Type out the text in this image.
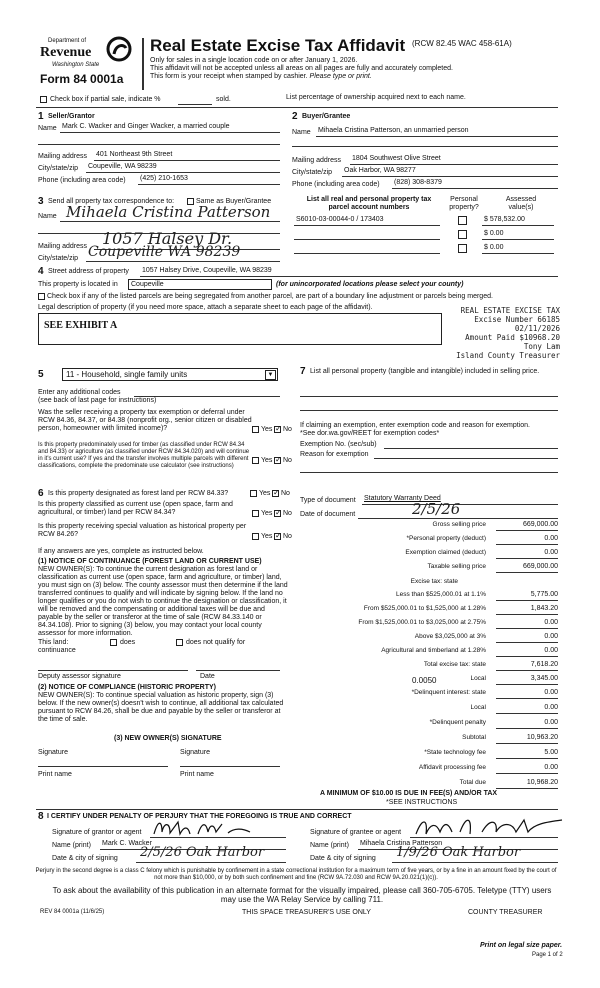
Department of
Revenue
Washington State
Form 84 0001a
Real Estate Excise Tax Affidavit (RCW 82.45 WAC 458-61A)
Only for sales in a single location code on or after January 1, 2026.
This affidavit will not be accepted unless all areas on all pages are fully and accurately completed.
This form is your receipt when stamped by cashier. Please type or print.
Check box if partial sale, indicate %	sold.	List percentage of ownership acquired next to each name.
1 Seller/Grantor
Name Mark C. Wacker and Ginger Wacker, a married couple
Mailing address 401 Northeast 9th Street
City/state/zip Coupeville, WA 98239
Phone (including area code) (425) 210-1653
2 Buyer/Grantee
Name Mihaela Cristina Patterson, an unmarried person
Mailing address 1804 Southwest Olive Street
City/state/zip Oak Harbor, WA 98277
Phone (including area code) (828) 308-8379
3 Send all property tax correspondence to:	Same as Buyer/Grantee
Name Mihaela Cristina Patterson
Mailing address 1057 Halsey Dr.
City/state/zip Coupeville WA 98239
List all real and personal property tax parcel account numbers
Personal property?
Assessed value(s)
S6010-03-00044-0 / 173403	$ 578,532.00
$ 0.00
$ 0.00
4 Street address of property 1057 Halsey Drive, Coupeville, WA 98239
This property is located in	Coupeville	(for unincorporated locations please select your county)
Check box if any of the listed parcels are being segregated from another parcel, are part of a boundary line adjustment or parcels being merged.
Legal description of property (if you need more space, attach a separate sheet to each page of the affidavit).
SEE EXHIBIT A
REAL ESTATE EXCISE TAX
Excise Number 66185
02/11/2026
Amount Paid $10968.20
Tony Lam
Island County Treasurer
5	11 - Household, single family units	▼
Enter any additional codes
(see back of last page for instructions)
Was the seller receiving a property tax exemption or deferral under RCW 84.36, 84.37, or 84.38 (nonprofit org., senior citizen or disabled person, homeowner with limited income)?	Yes ✓ No
Is this property predominately used for timber (as classified under RCW 84.34 and 84.33) or agriculture (as classified under RCW 84.34.020) and will continue in it's current use? If yes and the transfer involves multiple parcels with different classifications, complete the predominate use calculator (see instructions)
Yes ✓ No
7 List all personal property (tangible and intangible) included in selling price.
If claiming an exemption, enter exemption code and reason for exemption. *See dor.wa.gov/REET for exemption codes*
Exemption No. (sec/sub)
Reason for exemption
Type of document Statutory Warranty Deed
Date of document	2/5/26
6 Is this property designated as forest land per RCW 84.33?	Yes ✓ No
Is this property classified as current use (open space, farm and agricultural, or timber) land per RCW 84.34?	Yes ✓ No
Is this property receiving special valuation as historical property per RCW 84.26?	Yes ✓ No
If any answers are yes, complete as instructed below.
(1) NOTICE OF CONTINUANCE (FOREST LAND OR CURRENT USE)
NEW OWNER(S): To continue the current designation as forest land or classification as current use (open space, farm and agriculture, or timber) land, you must sign on (3) below. The county assessor must then determine if the land transferred continues to qualify and will indicate by signing below. If the land no longer qualifies or you do not wish to continue the designation or classification, it will be removed and the compensating or additional taxes will be due and payable by the seller or transferor at the time of sale (RCW 84.33.140 or 84.34.108). Prior to signing (3) below, you may contact your local county assessor for more information.
This land:	does	does not qualify for
continuance
Deputy assessor signature	Date
(2) NOTICE OF COMPLIANCE (HISTORIC PROPERTY)
NEW OWNER(S): To continue special valuation as historic property, sign (3) below. If the new owner(s) doesn't wish to continue, all additional tax calculated pursuant to RCW 84.26, shall be due and payable by the seller or transferor at the time of sale.
(3) NEW OWNER(S) SIGNATURE
Signature	Signature
Print name	Print name
Gross selling price	669,000.00
*Personal property (deduct)	0.00
Exemption claimed (deduct)	0.00
Taxable selling price	669,000.00
Excise tax: state
Less than $525,000.01 at 1.1%	5,775.00
From $525,000.01 to $1,525,000 at 1.28%	1,843.20
From $1,525,000.01 to $3,025,000 at 2.75%	0.00
Above $3,025,000 at 3%	0.00
Agricultural and timberland at 1.28%	0.00
Total excise tax: state	7,618.20
0.0050	Local	3,345.00
*Delinquent interest: state	0.00
Local	0.00
*Delinquent penalty	0.00
Subtotal	10,963.20
*State technology fee	5.00
Affidavit processing fee	0.00
Total due	10,968.20
A MINIMUM OF $10.00 IS DUE IN FEE(S) AND/OR TAX
*SEE INSTRUCTIONS
8 I CERTIFY UNDER PENALTY OF PERJURY THAT THE FOREGOING IS TRUE AND CORRECT
Signature of grantor or agent
Name (print) Mark C. Wacker
Date & city of signing 2/5/26 Oak Harbor
Signature of grantee or agent
Name (print) Mihaela Cristina Patterson
Date & city of signing 1/9/26 Oak Harbor
Perjury in the second degree is a class C felony which is punishable by confinement in a state correctional institution for a maximum term of five years, or by a fine in an amount fixed by the court of not more than $10,000, or by both such confinement and fine (RCW 9A.72.030 and RCW 9A.20.021(1)(c)).
To ask about the availability of this publication in an alternate format for the visually impaired, please call 360-705-6705. Teletype (TTY) users may use the WA Relay Service by calling 711.
REV 84 0001a (11/6/25)	THIS SPACE TREASURER'S USE ONLY	COUNTY TREASURER
Print on legal size paper.
Page 1 of 2
